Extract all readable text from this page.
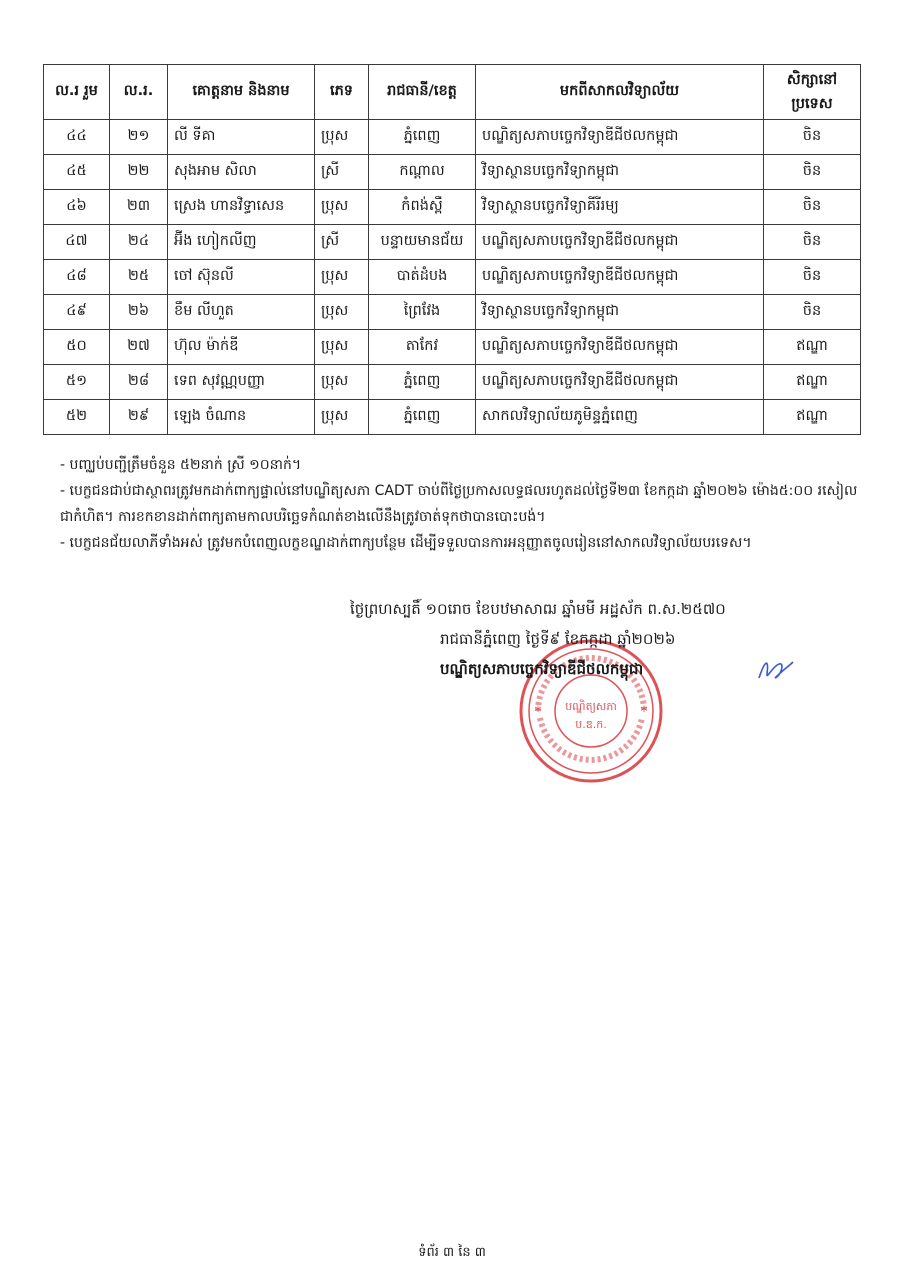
ល.រ រួម	ល.រ.	គោត្តនាម និងនាម	ភេទ	រាជធានី/ខេត្ត	មកពីសាកលវិទ្យាល័យ	សិក្សានៅ ប្រទេស
៤៤	២១	លី ទីគា	ប្រុស	ភ្នំពេញ	បណ្ឌិត្យសភាបច្ចេកវិទ្យាឌីជីថលកម្ពុជា	ចិន
៤៥	២២	សុងអាម សិលា	ស្រី	កណ្ដាល	វិទ្យាស្ថានបច្ចេកវិទ្យាកម្ពុជា	ចិន
៤៦	២៣	ស្រេង ហានវិទ្ធាសេន	ប្រុស	កំពង់ស្ពឺ	វិទ្យាស្ថានបច្ចេកវិទ្យាគីរីរម្យ	ចិន
៤៧	២៤	អ៊ីង ហៀកលីញ	ស្រី	បន្ទាយមានជ័យ	បណ្ឌិត្យសភាបច្ចេកវិទ្យាឌីជីថលកម្ពុជា	ចិន
៤៨	២៥	ចៅ ស៊ុនលី	ប្រុស	បាត់ដំបង	បណ្ឌិត្យសភាបច្ចេកវិទ្យាឌីជីថលកម្ពុជា	ចិន
៤៩	២៦	ខឹម លីហួត	ប្រុស	ព្រៃវែង	វិទ្យាស្ថានបច្ចេកវិទ្យាកម្ពុជា	ចិន
៥០	២៧	ហ៊ុល ម៉ាក់ឌី	ប្រុស	តាកែវ	បណ្ឌិត្យសភាបច្ចេកវិទ្យាឌីជីថលកម្ពុជា	ឥណ្ឌា
៥១	២៨	ទេព សុវណ្ណបញ្ញា	ប្រុស	ភ្នំពេញ	បណ្ឌិត្យសភាបច្ចេកវិទ្យាឌីជីថលកម្ពុជា	ឥណ្ឌា
៥២	២៩	ឡេង ចំណាន	ប្រុស	ភ្នំពេញ	សាកលវិទ្យាល័យភូមិន្ទភ្នំពេញ	ឥណ្ឌា

- បញ្ឈប់បញ្ជីត្រឹមចំនួន ៥២នាក់ ស្រី ១០នាក់។

- បេក្ខជនជាប់ជាស្ថាពរត្រូវមកដាក់ពាក្យផ្ទាល់នៅបណ្ឌិត្យសភា CADT ចាប់ពីថ្ងៃប្រកាសលទ្ធផលរហូតដល់ថ្ងៃទី២៣ ខែកក្កដា ឆ្នាំ២០២៦ ម៉ោង៥:០០ រសៀលជាកំហិត។ ការខកខានដាក់ពាក្យតាមកាលបរិច្ឆេទកំណត់ខាងលើនឹងត្រូវចាត់ទុកថាបានបោះបង់។

- បេក្ខជនជ័យលាភីទាំងអស់ ត្រូវមកបំពេញលក្ខខណ្ឌដាក់ពាក្យបន្ថែម ដើម្បីទទួលបានការអនុញ្ញាតចូលរៀននៅសាកលវិទ្យាល័យបរទេស។

បណ្ឌិត្យសភា
ប.ឌ.ក.
*	*
ថ្ងៃព្រហស្បតិ៍ ១០រោច ខែបឋមាសាឍ ឆ្នាំមមី អដ្ឋស័ក ព.ស.២៥៧០
រាជធានីភ្នំពេញ ថ្ងៃទី៩ ខែកក្កដា ឆ្នាំ២០២៦
បណ្ឌិត្យសភាបច្ចេកវិទ្យាឌីជីថលកម្ពុជា
ទំព័រ ៣ នៃ ៣
